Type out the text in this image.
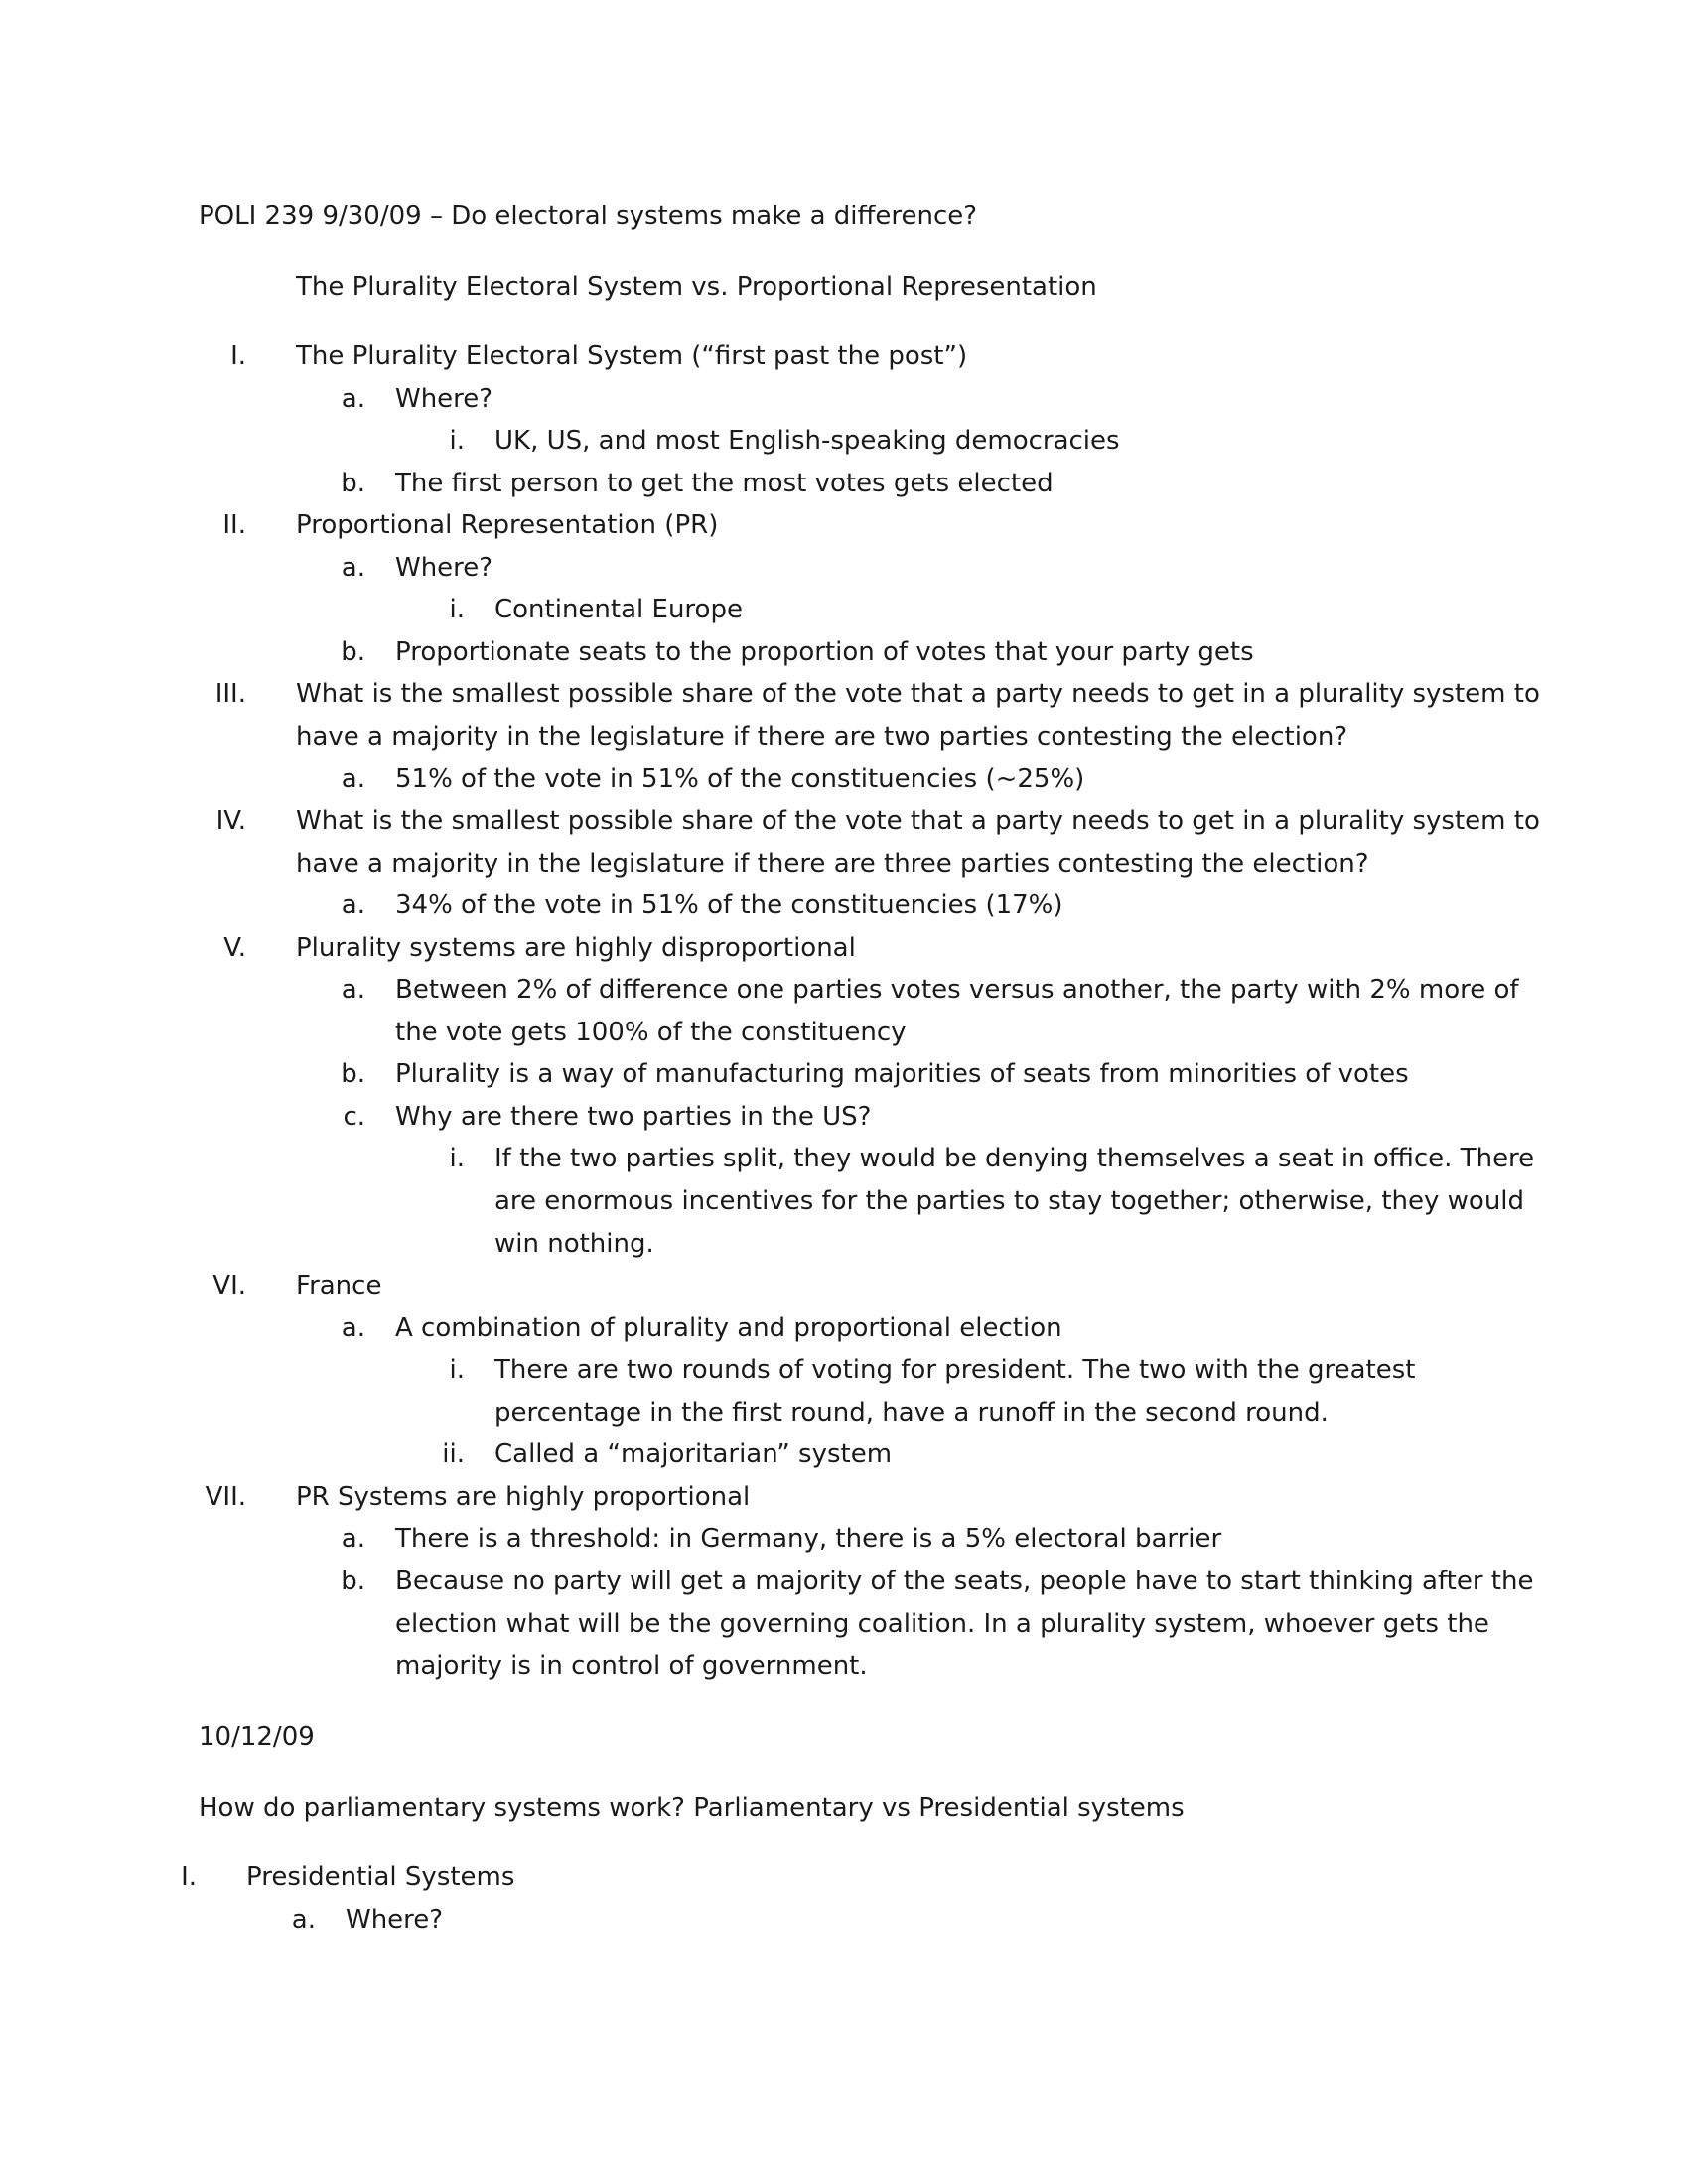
POLI 239 9/30/09 – Do electoral systems make a difference?
The Plurality Electoral System vs. Proportional Representation
I. The Plurality Electoral System (“first past the post”)
a. Where?
i. UK, US, and most English-speaking democracies
b. The first person to get the most votes gets elected
II. Proportional Representation (PR)
a. Where?
i. Continental Europe
b. Proportionate seats to the proportion of votes that your party gets
III. What is the smallest possible share of the vote that a party needs to get in a plurality system to
have a majority in the legislature if there are two parties contesting the election?
a. 51% of the vote in 51% of the constituencies (~25%)
IV. What is the smallest possible share of the vote that a party needs to get in a plurality system to
have a majority in the legislature if there are three parties contesting the election?
a. 34% of the vote in 51% of the constituencies (17%)
V. Plurality systems are highly disproportional
a. Between 2% of difference one parties votes versus another, the party with 2% more of
the vote gets 100% of the constituency
b. Plurality is a way of manufacturing majorities of seats from minorities of votes
c. Why are there two parties in the US?
i. If the two parties split, they would be denying themselves a seat in office. There
are enormous incentives for the parties to stay together; otherwise, they would
win nothing.
VI. France
a. A combination of plurality and proportional election
i. There are two rounds of voting for president. The two with the greatest
percentage in the first round, have a runoff in the second round.
ii. Called a “majoritarian” system
VII. PR Systems are highly proportional
a. There is a threshold: in Germany, there is a 5% electoral barrier
b. Because no party will get a majority of the seats, people have to start thinking after the
election what will be the governing coalition. In a plurality system, whoever gets the
majority is in control of government.
10/12/09
How do parliamentary systems work? Parliamentary vs Presidential systems
I. Presidential Systems
a. Where?
